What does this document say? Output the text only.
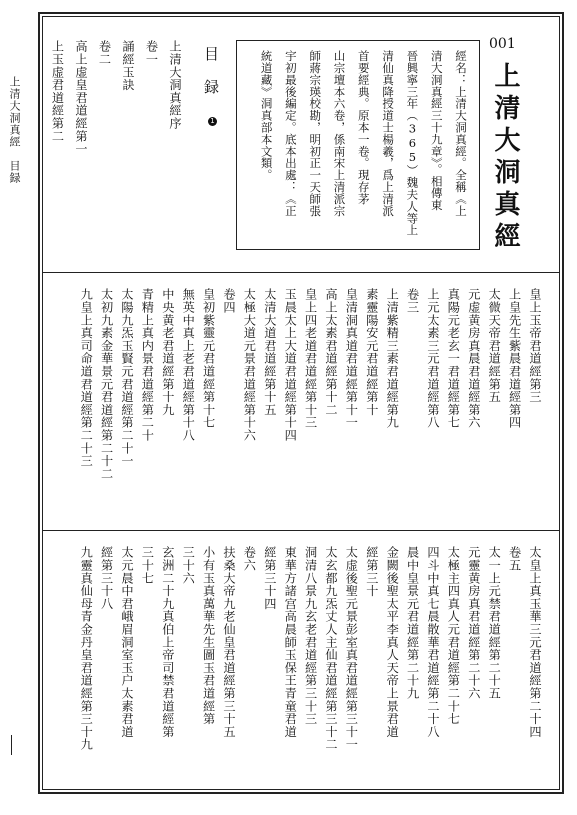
上清大洞真經　目録
001
上清大洞真經
經名：上清大洞真經。全稱《上
清大洞真經三十九章》。相傳東
晉興寧三年（365）魏夫人等上
清仙真降授道士楊羲，爲上清派
首要經典。原本一卷。現存茅
山宗壇本六卷，係南宋上清派宗
師蔣宗瑛校勘，明初正一天師張
宇初最後編定。底本出處：《正
統道藏》洞真部本文類。
目録
1
上清大洞真經序
卷一
誦經玉訣
卷二
高上虚皇君道經第一
上玉虚君道經第二
皇上玉帝君道經第三
上皇先生紫晨君道經第四
太微天帝君道經第五
元虚黄房真晨君道經第六
真陽元老玄一君道經第七
上元太素三元君道經第八
卷三
上清紫精三素君道經第九
素靈陽安元君道經第十
皇清洞真道君道經第十一
高上太素君道經第十二
皇上四老道君道經第十三
玉晨太上大道君道經第十四
太清大道君道經第十五
太極大道元景君道經第十六
卷四
皇初紫靈元君道經第十七
無英中真上老君道經第十八
中央黄老君道經第十九
青精上真内景君道經第二十
太陽九炁玉賢元君道經第二十一
太初九素金華景元君道經第二十二
九皇上真司命道君道經第二十三
太皇上真玉華三元君道經第二十四
卷五
太一上元禁君道經第二十五
元靈黄房真君道經第二十六
太極主四真人元君道經第二十七
四斗中真七晨散華君道經第二十八
晨中皇景元君道經第二十九
金闕後聖太平李真人天帝上景君道
經第三十
太虚後聖元景彭室真君道經第三十一
太玄都九炁丈人主仙君道經第三十二
洞清八景九玄老君道經第三十三
東華方諸宫高晨師玉保王青童君道
經第三十四
卷六
扶桑大帝九老仙皇君道經第三十五
小有玉真萬華先生圖玉君道經第
三十六
玄洲二十九真伯上帝司禁君道經第
三十七
太元晨中君峨眉洞室玉户太素君道
經第三十八
九靈真仙母青金丹皇君道經第三十九
